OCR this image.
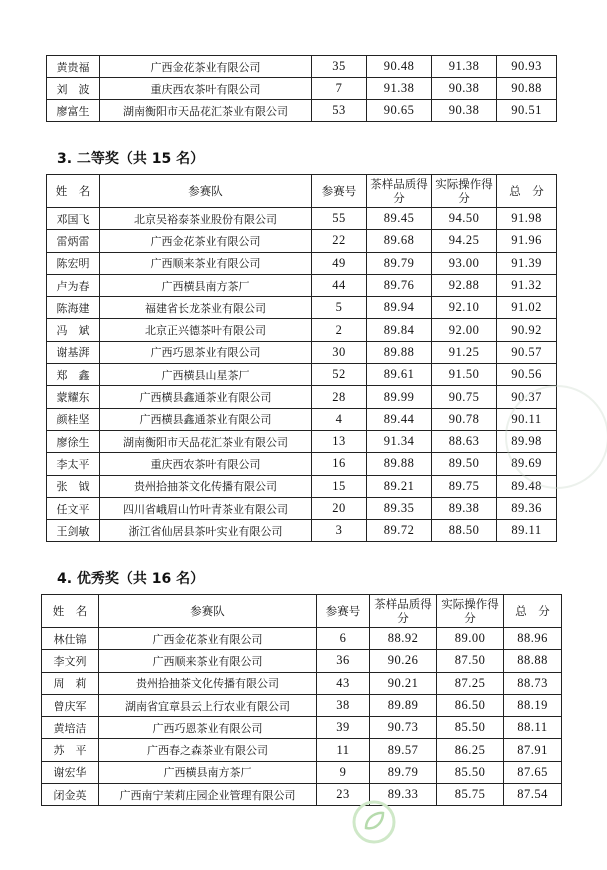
黄贵福	广西金花茶业有限公司	35	90.48	91.38	90.93
刘　波	重庆西农茶叶有限公司	7	91.38	90.38	90.88
廖富生	湖南衡阳市天品花汇茶业有限公司	53	90.65	90.38	90.51
3. 二等奖（共 15 名）
姓　名	参赛队	参赛号	茶样品质得分	实际操作得分	总　分
邓国飞	北京吴裕泰茶业股份有限公司	55	89.45	94.50	91.98
雷炳雷	广西金花茶业有限公司	22	89.68	94.25	91.96
陈宏明	广西顺来茶业有限公司	49	89.79	93.00	91.39
卢为春	广西横县南方茶厂	44	89.76	92.88	91.32
陈海建	福建省长龙茶业有限公司	5	89.94	92.10	91.02
冯　斌	北京正兴德茶叶有限公司	2	89.84	92.00	90.92
谢基湃	广西巧恩茶业有限公司	30	89.88	91.25	90.57
郑　鑫	广西横县山星茶厂	52	89.61	91.50	90.56
蒙耀东	广西横县鑫通茶业有限公司	28	89.99	90.75	90.37
颜桂坚	广西横县鑫通茶业有限公司	4	89.44	90.78	90.11
廖徐生	湖南衡阳市天品花汇茶业有限公司	13	91.34	88.63	89.98
李太平	重庆西农茶叶有限公司	16	89.88	89.50	89.69
张　钺	贵州拾抽茶文化传播有限公司	15	89.21	89.75	89.48
任文平	四川省峨眉山竹叶青茶业有限公司	20	89.35	89.38	89.36
王剑敏	浙江省仙居县茶叶实业有限公司	3	89.72	88.50	89.11
4. 优秀奖（共 16 名）
姓　名	参赛队	参赛号	茶样品质得分	实际操作得分	总　分
林仕锦	广西金花茶业有限公司	6	88.92	89.00	88.96
李文列	广西顺来茶业有限公司	36	90.26	87.50	88.88
周　莉	贵州拾抽茶文化传播有限公司	43	90.21	87.25	88.73
曾庆军	湖南省宜章县云上行农业有限公司	38	89.89	86.50	88.19
黄培洁	广西巧恩茶业有限公司	39	90.73	85.50	88.11
苏　平	广西春之森茶业有限公司	11	89.57	86.25	87.91
谢宏华	广西横县南方茶厂	9	89.79	85.50	87.65
闭金英	广西南宁茉莉庄园企业管理有限公司	23	89.33	85.75	87.54
